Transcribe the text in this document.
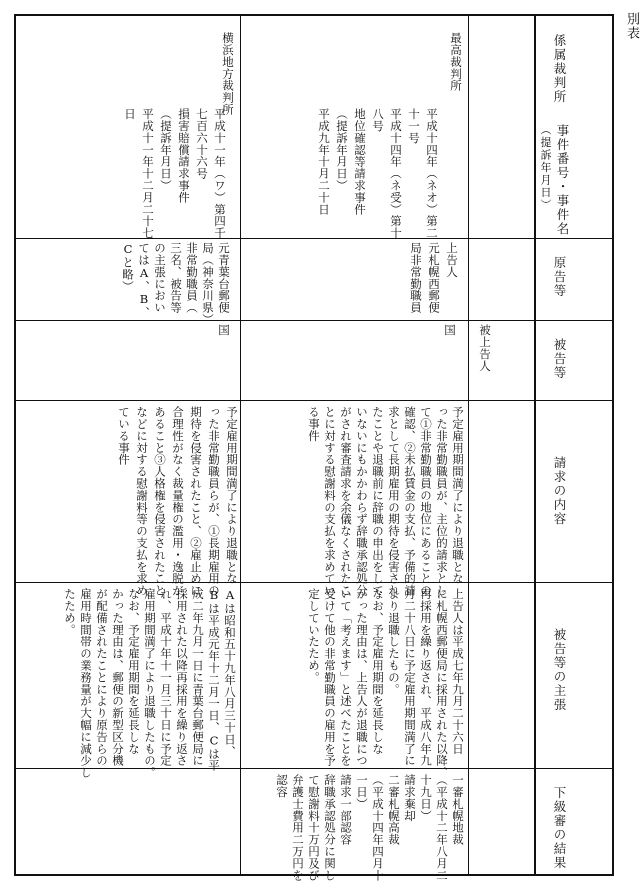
別表
係属裁判所
事件番号・事件名
（提訴年月日）
原告等
被告等
請求の内容
被告等の主張
下級審の結果
最高裁判所
平成十四年（ネオ）第二
十一号
平成十四年（ネ受）第十
八号
地位確認等請求事件
（提訴年月日）
平成九年十月二十日
上告人
元札幌西郵便
局非常勤職員
被上告人
国
予定雇用期間満了により退職とな
った非常勤職員が、主位的請求とし
て①非常勤職員の地位にあることの
確認、②未払賃金の支払、予備的請
求として長期雇用の期待を侵害され
たことや退職前に辞職の申出をして
いないにもかかわらず辞職承認処分
がされ審査請求を余儀なくされたこ
とに対する慰謝料の支払を求めてい
る事件
上告人は平成七年九月二十六日
に札幌西郵便局に採用された以降、
再採用を繰り返され、平成八年九
月二十八日に予定雇用期間満了に
より退職したもの。
なお、予定雇用期間を延長しな
かった理由は、上告人が退職につ
いて「考えます」と述べたことを
受けて他の非常勤職員の雇用を予
定していたため。
一審札幌地裁
（平成十二年八月二
十九日）
請求棄却
二審札幌高裁
（平成十四年四月十
一日）
請求一部認容
辞職承認処分に関し
て慰謝料十万円及び
弁護士費用二万円を
認容
横浜地方裁判所
平成十一年（ワ）第四千
七百六十六号
損害賠償請求事件
（提訴年月日）
平成十一年十二月二十七
日
元青葉台郵便
局（神奈川県）
非常勤職員（
三名、被告等
の主張におい
てはA、B、
Cと略）
国
予定雇用期間満了により退職とな
った非常勤職員らが、①長期雇用の
期待を侵害されたこと、②雇止めに
合理性がなく裁量権の濫用・逸脱が
あること③人格権を侵害されたこと
などに対する慰謝料等の支払を求め
ている事件
Aは昭和五十九年八月三十日、
Bは平成元年十二月一日、Cは平
成二年九月一日に青葉台郵便局に
採用された以降再採用を繰り返さ
れ、平成十年十一月三十日に予定
雇用期間満了により退職したもの。
なお、予定雇用期間を延長しな
かった理由は、郵便の新型区分機
が配備されたことにより原告らの
雇用時間帯の業務量が大幅に減少し
たため。
